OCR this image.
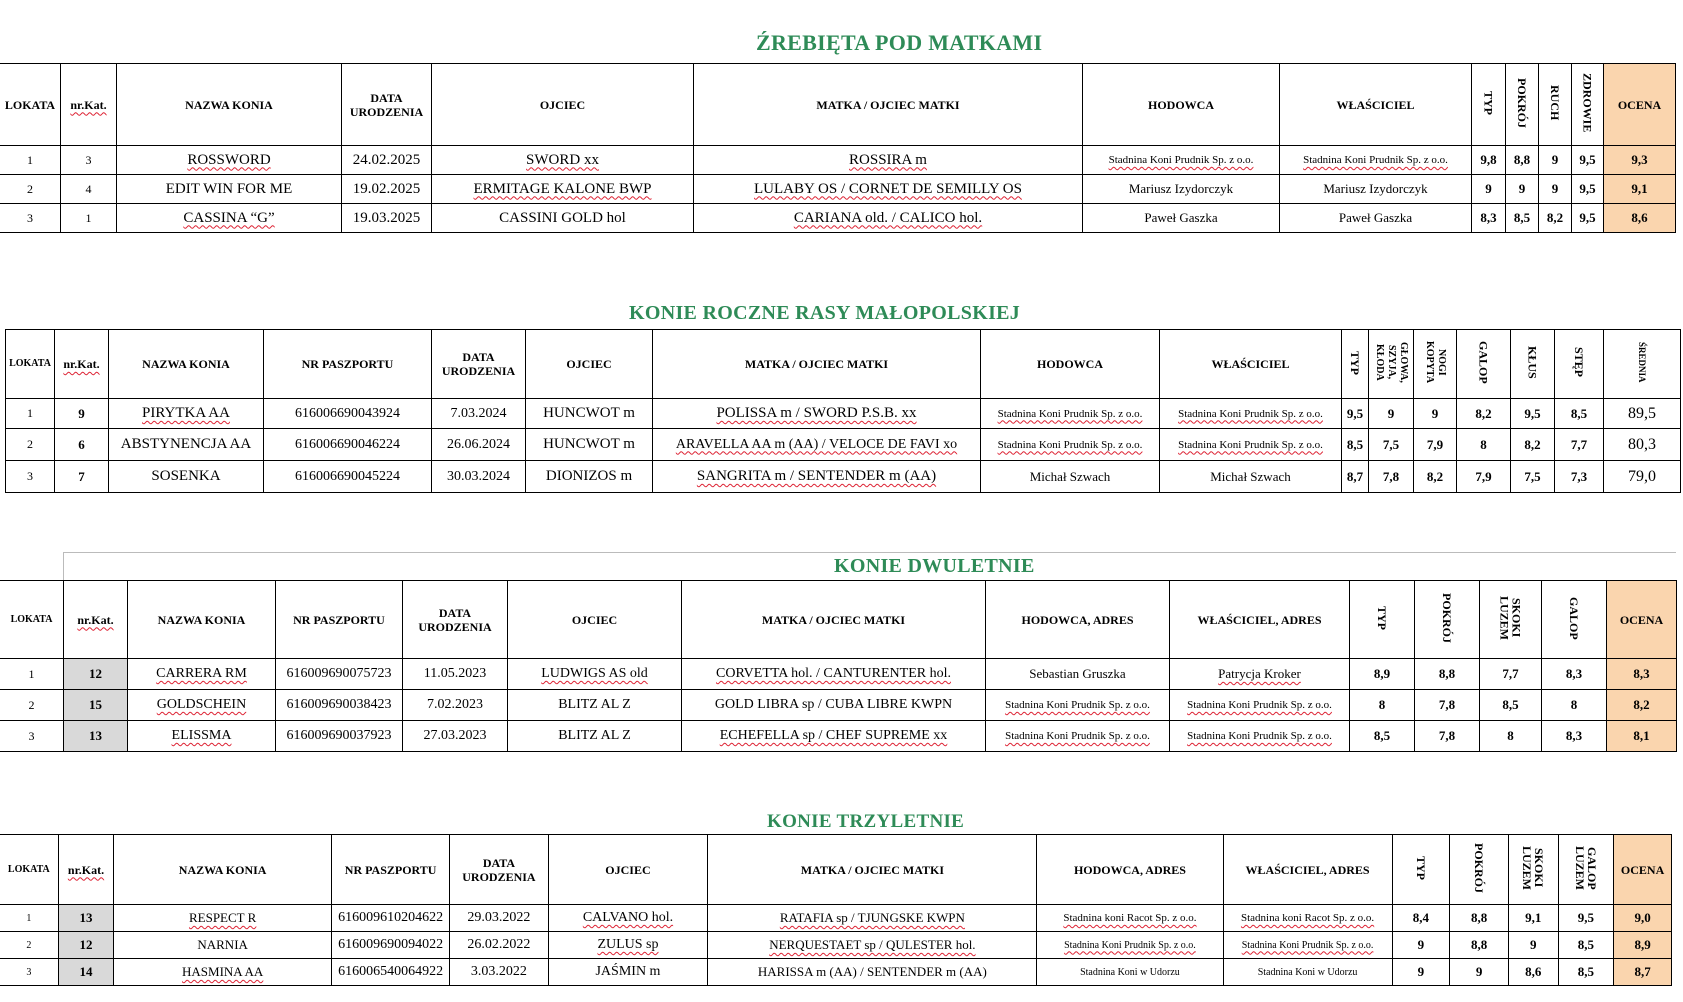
ŹREBIĘTA POD MATKAMI
LOKATA	nr.Kat.	NAZWA KONIA	DATA URODZENIA	OJCIEC	MATKA / OJCIEC MATKI	HODOWCA	WŁAŚCICIEL	TYP	POKRÓJ	RUCH	ZDROWIE	OCENA
1	3	ROSSWORD	24.02.2025	SWORD xx	ROSSIRA m	Stadnina Koni Prudnik Sp. z o.o.	Stadnina Koni Prudnik Sp. z o.o.	9,8	8,8	9	9,5	9,3
2	4	EDIT WIN FOR ME	19.02.2025	ERMITAGE KALONE BWP	LULABY OS / CORNET DE SEMILLY OS	Mariusz Izydorczyk	Mariusz Izydorczyk	9	9	9	9,5	9,1
3	1	CASSINA “G”	19.03.2025	CASSINI GOLD hol	CARIANA old. / CALICO hol.	Paweł Gaszka	Paweł Gaszka	8,3	8,5	8,2	9,5	8,6
KONIE ROCZNE RASY MAŁOPOLSKIEJ
LOKATA	nr.Kat.	NAZWA KONIA	NR PASZPORTU	DATA URODZENIA	OJCIEC	MATKA / OJCIEC MATKI	HODOWCA	WŁAŚCICIEL	TYP	GŁOWA, SZYJA, KŁODA	NOGI KOPYTA	GALOP	KŁUS	STĘP	ŚREDNIA
1	9	PIRYTKA AA	616006690043924	7.03.2024	HUNCWOT m	POLISSA m / SWORD P.S.B. xx	Stadnina Koni Prudnik Sp. z o.o.	Stadnina Koni Prudnik Sp. z o.o.	9,5	9	9	8,2	9,5	8,5	89,5
2	6	ABSTYNENCJA AA	616006690046224	26.06.2024	HUNCWOT m	ARAVELLA AA m (AA) / VELOCE DE FAVI xo	Stadnina Koni Prudnik Sp. z o.o.	Stadnina Koni Prudnik Sp. z o.o.	8,5	7,5	7,9	8	8,2	7,7	80,3
3	7	SOSENKA	616006690045224	30.03.2024	DIONIZOS m	SANGRITA m / SENTENDER m (AA)	Michał Szwach	Michał Szwach	8,7	7,8	8,2	7,9	7,5	7,3	79,0
KONIE DWULETNIE
LOKATA	nr.Kat.	NAZWA KONIA	NR PASZPORTU	DATA URODZENIA	OJCIEC	MATKA / OJCIEC MATKI	HODOWCA, ADRES	WŁAŚCICIEL, ADRES	TYP	POKRÓJ	SKOKI LUZEM	GALOP	OCENA
1	12	CARRERA RM	616009690075723	11.05.2023	LUDWIGS AS old	CORVETTA hol. / CANTURENTER hol.	Sebastian Gruszka	Patrycja Kroker	8,9	8,8	7,7	8,3	8,3
2	15	GOLDSCHEIN	616009690038423	7.02.2023	BLITZ AL Z	GOLD LIBRA sp / CUBA LIBRE KWPN	Stadnina Koni Prudnik Sp. z o.o.	Stadnina Koni Prudnik Sp. z o.o.	8	7,8	8,5	8	8,2
3	13	ELISSMA	616009690037923	27.03.2023	BLITZ AL Z	ECHEFELLA sp / CHEF SUPREME xx	Stadnina Koni Prudnik Sp. z o.o.	Stadnina Koni Prudnik Sp. z o.o.	8,5	7,8	8	8,3	8,1
KONIE TRZYLETNIE
LOKATA	nr.Kat.	NAZWA KONIA	NR PASZPORTU	DATA URODZENIA	OJCIEC	MATKA / OJCIEC MATKI	HODOWCA, ADRES	WŁAŚCICIEL, ADRES	TYP	POKRÓJ	SKOKI LUZEM	GALOP LUZEM	OCENA
1	13	RESPECT R	616009610204622	29.03.2022	CALVANO hol.	RATAFIA sp / TJUNGSKE KWPN	Stadnina koni Racot Sp. z o.o.	Stadnina koni Racot Sp. z o.o.	8,4	8,8	9,1	9,5	9,0
2	12	NARNIA	616009690094022	26.02.2022	ZULUS sp	NERQUESTAET sp / QULESTER hol.	Stadnina Koni Prudnik Sp. z o.o.	Stadnina Koni Prudnik Sp. z o.o.	9	8,8	9	8,5	8,9
3	14	HASMINA AA	616006540064922	3.03.2022	JAŚMIN m	HARISSA m (AA) / SENTENDER m (AA)	Stadnina Koni w Udorzu	Stadnina Koni w Udorzu	9	9	8,6	8,5	8,7
